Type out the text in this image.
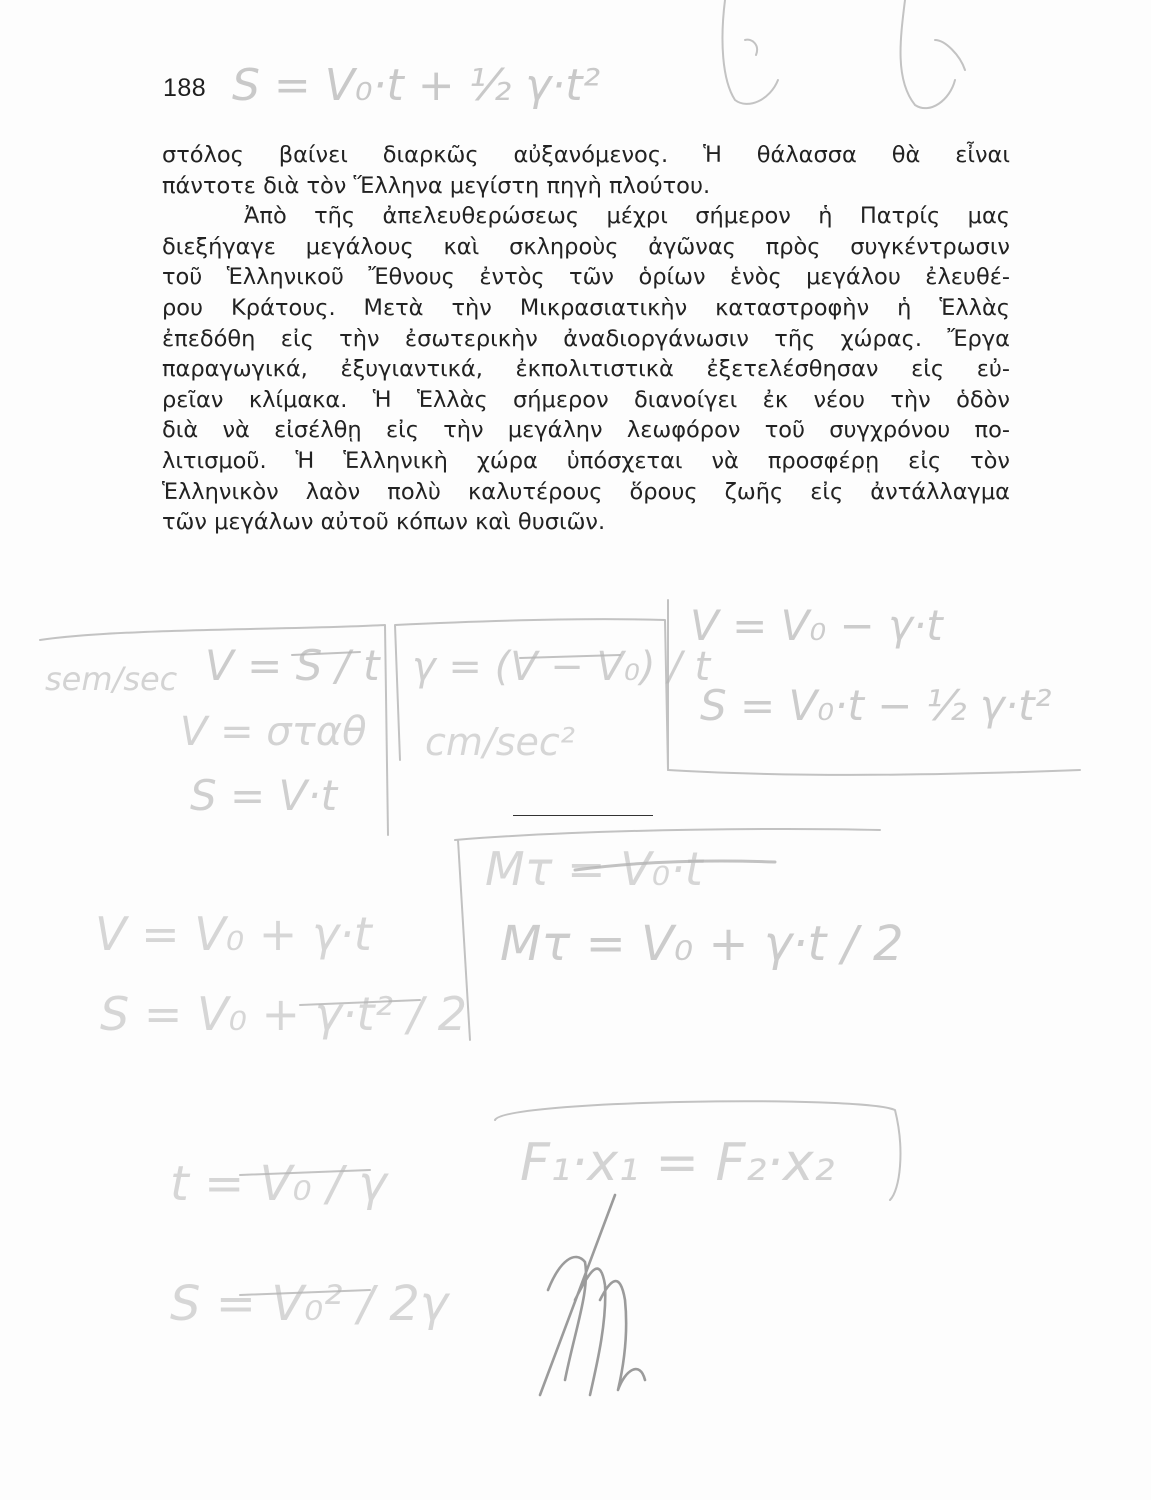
188
στόλος βαίνει διαρκῶς αὐξανόμενος. Ἡ θάλασσα θὰ εἶναι
πάντοτε διὰ τὸν Ἕλληνα μεγίστη πηγὴ πλούτου.
Ἀπὸ τῆς ἀπελευθερώσεως μέχρι σήμερον ἡ Πατρίς μας
διεξήγαγε μεγάλους καὶ σκληροὺς ἀγῶνας πρὸς συγκέντρωσιν
τοῦ Ἑλληνικοῦ Ἔθνους ἐντὸς τῶν ὁρίων ἑνὸς μεγάλου ἐλευθέ-
ρου Κράτους. Μετὰ τὴν Μικρασιατικὴν καταστροφὴν ἡ Ἑλλὰς
ἐπεδόθη εἰς τὴν ἐσωτερικὴν ἀναδιοργάνωσιν τῆς χώρας. Ἔργα
παραγωγικά, ἐξυγιαντικά, ἐκπολιτιστικὰ ἐξετελέσθησαν εἰς εὐ-
ρεῖαν κλίμακα. Ἡ Ἑλλὰς σήμερον διανοίγει ἐκ νέου τὴν ὁδὸν
διὰ νὰ εἰσέλθῃ εἰς τὴν μεγάλην λεωφόρον τοῦ συγχρόνου πο-
λιτισμοῦ. Ἡ Ἑλληνικὴ χώρα ὑπόσχεται νὰ προσφέρῃ εἰς τὸν
Ἑλληνικὸν λαὸν πολὺ καλυτέρους ὅρους ζωῆς εἰς ἀντάλλαγμα
τῶν μεγάλων αὐτοῦ κόπων καὶ θυσιῶν.
S = V₀·t + ½ γ·t²
sem/sec V = S / t
V = σταθ
S = V·t
γ = (V − V₀) / t
cm/sec²
V = V₀ − γ·t
S = V₀·t − ½ γ·t²
Mτ = V₀·t
Mτ = V₀ + γ·t / 2
V = V₀ + γ·t
S = V₀ + γ·t² / 2
F₁·x₁ = F₂·x₂
t = V₀ / γ
S = V₀² / 2γ
